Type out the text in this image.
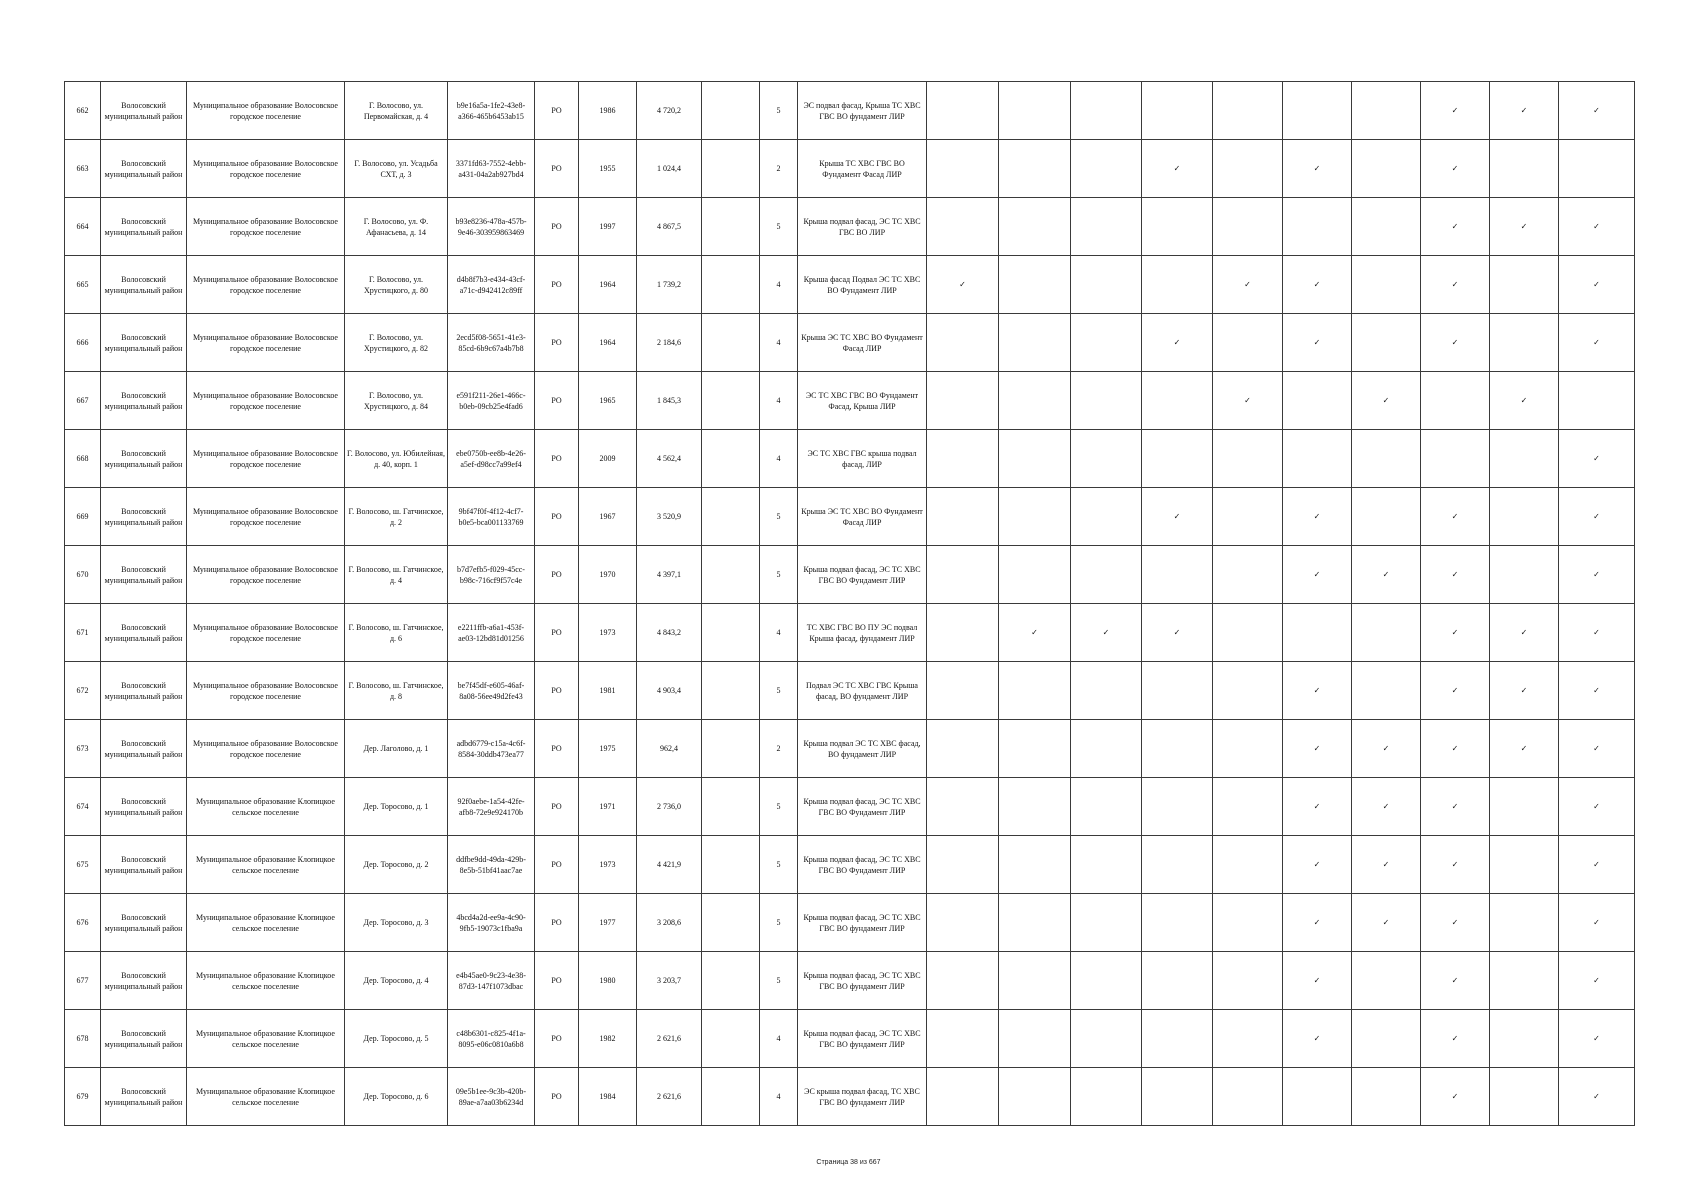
662	Волосовский муниципальный район	Муниципальное образование Волосовское городское поселение	Г. Волосово, ул. Первомайская, д. 4	b9e16a5a-1fe2-43e8-a366-465b6453ab15	РО	1986	4 720,2		5	ЭС подвал фасад, Крыша ТС ХВС ГВС ВО фундамент ЛИР								✓	✓	✓
663	Волосовский муниципальный район	Муниципальное образование Волосовское городское поселение	Г. Волосово, ул. Усадьба СХТ, д. 3	3371fd63-7552-4ebb-a431-04a2ab927bd4	РО	1955	1 024,4		2	Крыша ТС ХВС ГВС ВО Фундамент Фасад ЛИР				✓		✓		✓		
664	Волосовский муниципальный район	Муниципальное образование Волосовское городское поселение	Г. Волосово, ул. Ф. Афанасьева, д. 14	b93e8236-478a-457b-9e46-303959863469	РО	1997	4 867,5		5	Крыша подвал фасад, ЭС ТС ХВС ГВС ВО ЛИР								✓	✓	✓
665	Волосовский муниципальный район	Муниципальное образование Волосовское городское поселение	Г. Волосово, ул. Хрустицкого, д. 80	d4b8f7b3-e434-43cf-a71c-d942412c89ff	РО	1964	1 739,2		4	Крыша фасад Подвал ЭС ТС ХВС ВО Фундамент ЛИР	✓				✓	✓		✓		✓
666	Волосовский муниципальный район	Муниципальное образование Волосовское городское поселение	Г. Волосово, ул. Хрустицкого, д. 82	2ecd5f08-5651-41e3-85cd-6b9c67a4b7b8	РО	1964	2 184,6		4	Крыша ЭС ТС ХВС ВО Фундамент Фасад ЛИР				✓		✓		✓		✓
667	Волосовский муниципальный район	Муниципальное образование Волосовское городское поселение	Г. Волосово, ул. Хрустицкого, д. 84	e591f211-26e1-466c-b0eb-09cb25e4fad6	РО	1965	1 845,3		4	ЭС ТС ХВС ГВС ВО Фундамент Фасад, Крыша ЛИР					✓		✓		✓	
668	Волосовский муниципальный район	Муниципальное образование Волосовское городское поселение	Г. Волосово, ул. Юбилейная, д. 40, корп. 1	ebe0750b-ee8b-4e26-a5ef-d98cc7a99ef4	РО	2009	4 562,4		4	ЭС ТС ХВС ГВС крыша подвал фасад, ЛИР										✓
669	Волосовский муниципальный район	Муниципальное образование Волосовское городское поселение	Г. Волосово, ш. Гатчинское, д. 2	9bf47f0f-4f12-4cf7-b0e5-bca001133769	РО	1967	3 520,9		5	Крыша ЭС ТС ХВС ВО Фундамент Фасад ЛИР				✓		✓		✓		✓
670	Волосовский муниципальный район	Муниципальное образование Волосовское городское поселение	Г. Волосово, ш. Гатчинское, д. 4	b7d7efb5-f029-45cc-b98c-716cf9f57c4e	РО	1970	4 397,1		5	Крыша подвал фасад, ЭС ТС ХВС ГВС ВО Фундамент ЛИР						✓	✓	✓		✓
671	Волосовский муниципальный район	Муниципальное образование Волосовское городское поселение	Г. Волосово, ш. Гатчинское, д. 6	e2211ffb-a6a1-453f-ae03-12bd81d01256	РО	1973	4 843,2		4	ТС ХВС ГВС ВО ПУ ЭС подвал Крыша фасад, фундамент ЛИР		✓	✓	✓				✓	✓	✓
672	Волосовский муниципальный район	Муниципальное образование Волосовское городское поселение	Г. Волосово, ш. Гатчинское, д. 8	be7f45df-e605-46af-8a08-56ee49d2fe43	РО	1981	4 903,4		5	Подвал ЭС ТС ХВС ГВС Крыша фасад, ВО фундамент ЛИР						✓		✓	✓	✓
673	Волосовский муниципальный район	Муниципальное образование Волосовское городское поселение	Дер. Лаголово, д. 1	adbd6779-c15a-4c6f-8584-30ddb473ea77	РО	1975	962,4		2	Крыша подвал ЭС ТС ХВС фасад, ВО фундамент ЛИР						✓	✓	✓	✓	✓
674	Волосовский муниципальный район	Муниципальное образование Клопицкое сельское поселение	Дер. Торосово, д. 1	92f0aebe-1a54-42fe-afb8-72e9e924170b	РО	1971	2 736,0		5	Крыша подвал фасад, ЭС ТС ХВС ГВС ВО Фундамент ЛИР						✓	✓	✓		✓
675	Волосовский муниципальный район	Муниципальное образование Клопицкое сельское поселение	Дер. Торосово, д. 2	ddfbe9dd-49da-429b-8e5b-51bf41aac7ae	РО	1973	4 421,9		5	Крыша подвал фасад, ЭС ТС ХВС ГВС ВО Фундамент ЛИР						✓	✓	✓		✓
676	Волосовский муниципальный район	Муниципальное образование Клопицкое сельское поселение	Дер. Торосово, д. 3	4bcd4a2d-ee9a-4c90-9fb5-19073c1fba9a	РО	1977	3 208,6		5	Крыша подвал фасад, ЭС ТС ХВС ГВС ВО фундамент ЛИР						✓	✓	✓		✓
677	Волосовский муниципальный район	Муниципальное образование Клопицкое сельское поселение	Дер. Торосово, д. 4	e4b45ae0-9c23-4e38-87d3-147f1073dbac	РО	1980	3 203,7		5	Крыша подвал фасад, ЭС ТС ХВС ГВС ВО фундамент ЛИР						✓		✓		✓
678	Волосовский муниципальный район	Муниципальное образование Клопицкое сельское поселение	Дер. Торосово, д. 5	c48b6301-c825-4f1a-8095-e06c0810a6b8	РО	1982	2 621,6		4	Крыша подвал фасад, ЭС ТС ХВС ГВС ВО фундамент ЛИР						✓		✓		✓
679	Волосовский муниципальный район	Муниципальное образование Клопицкое сельское поселение	Дер. Торосово, д. 6	09e5b1ee-9c3b-420b-89ae-a7aa03b6234d	РО	1984	2 621,6		4	ЭС крыша подвал фасад, ТС ХВС ГВС ВО фундамент ЛИР								✓		✓
Страница 38 из 667
